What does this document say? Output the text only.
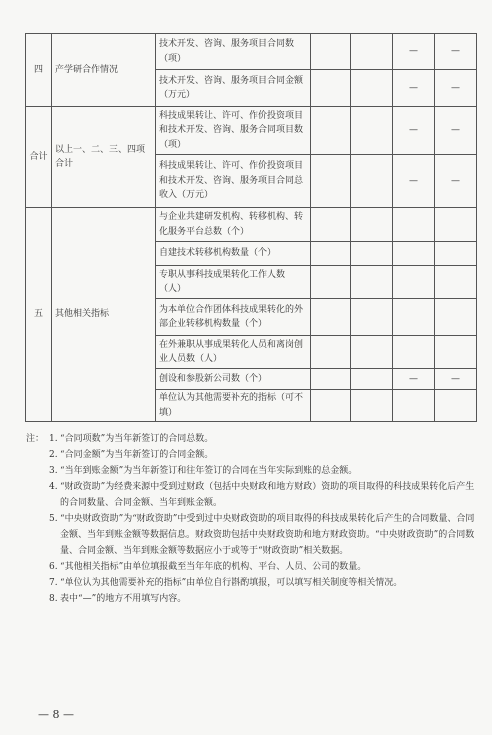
四	产学研合作情况	技术开发、咨询、服务项目合同数（项）			—	—
		技术开发、咨询、服务项目合同金额（万元）			—	—
合计	以上一、二、三、四项合计	科技成果转让、许可、作价投资项目和技术开发、咨询、服务合同项目数（项）			—	—
		科技成果转让、许可、作价投资项目和技术开发、咨询、服务项目合同总收入（万元）			—	—
五	其他相关指标	与企业共建研发机构、转移机构、转化服务平台总数（个）				
		自建技术转移机构数量（个）				
		专职从事科技成果转化工作人数（人）				
		为本单位合作团体科技成果转化的外部企业转移机构数量（个）				
		在外兼职从事成果转化人员和离岗创业人员数（人）				
		创设和参股新公司数（个）			—	—
		单位认为其他需要补充的指标（可不填）				
注： 1. “合同项数”为当年新签订的合同总数。
2. “合同金额”为当年新签订的合同金额。
3. “当年到账金额”为当年新签订和往年签订的合同在当年实际到账的总金额。
4. “财政资助”为经费来源中受到过财政（包括中央财政和地方财政）资助的项目取得的科技成果转化后产生的合同数量、合同金额、当年到账金额。
5. “中央财政资助”为“财政资助”中受到过中央财政资助的项目取得的科技成果转化后产生的合同数量、合同金额、当年到账金额等数据信息。财政资助包括中央财政资助和地方财政资助。“中央财政资助”的合同数量、合同金额、当年到账金额等数据应小于或等于“财政资助”相关数据。
6. “其他相关指标”由单位填报截至当年年底的机构、平台、人员、公司的数量。
7. “单位认为其他需要补充的指标”由单位自行斟酌填报，可以填写相关制度等相关情况。
8. 表中“—”的地方不用填写内容。
— 8 —
